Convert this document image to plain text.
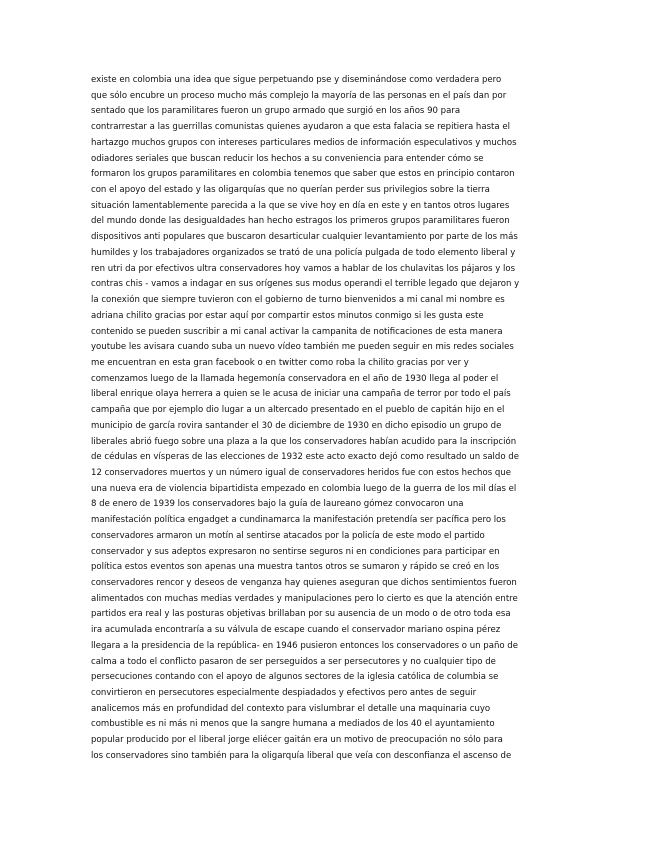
existe en colombia una idea que sigue perpetuando pse y diseminándose como verdadera pero
que sólo encubre un proceso mucho más complejo la mayoría de las personas en el país dan por
sentado que los paramilitares fueron un grupo armado que surgió en los años 90 para
contrarrestar a las guerrillas comunistas quienes ayudaron a que esta falacia se repitiera hasta el
hartazgo muchos grupos con intereses particulares medios de información especulativos y muchos
odiadores seriales que buscan reducir los hechos a su conveniencia para entender cómo se
formaron los grupos paramilitares en colombia tenemos que saber que estos en principio contaron
con el apoyo del estado y las oligarquías que no querían perder sus privilegios sobre la tierra
situación lamentablemente parecida a la que se vive hoy en día en este y en tantos otros lugares
del mundo donde las desigualdades han hecho estragos los primeros grupos paramilitares fueron
dispositivos anti populares que buscaron desarticular cualquier levantamiento por parte de los más
humildes y los trabajadores organizados se trató de una policía pulgada de todo elemento liberal y
ren utri da por efectivos ultra conservadores hoy vamos a hablar de los chulavitas los pájaros y los
contras chis - vamos a indagar en sus orígenes sus modus operandi el terrible legado que dejaron y
la conexión que siempre tuvieron con el gobierno de turno bienvenidos a mi canal mi nombre es
adriana chilito gracias por estar aquí por compartir estos minutos conmigo si les gusta este
contenido se pueden suscribir a mi canal activar la campanita de notificaciones de esta manera
youtube les avisara cuando suba un nuevo vídeo también me pueden seguir en mis redes sociales
me encuentran en esta gran facebook o en twitter como roba la chilito gracias por ver y
comenzamos luego de la llamada hegemonía conservadora en el año de 1930 llega al poder el
liberal enrique olaya herrera a quien se le acusa de iniciar una campaña de terror por todo el país
campaña que por ejemplo dio lugar a un altercado presentado en el pueblo de capitán hijo en el
municipio de garcía rovira santander el 30 de diciembre de 1930 en dicho episodio un grupo de
liberales abrió fuego sobre una plaza a la que los conservadores habían acudido para la inscripción
de cédulas en vísperas de las elecciones de 1932 este acto exacto dejó como resultado un saldo de
12 conservadores muertos y un número igual de conservadores heridos fue con estos hechos que
una nueva era de violencia bipartidista empezado en colombia luego de la guerra de los mil días el
8 de enero de 1939 los conservadores bajo la guía de laureano gómez convocaron una
manifestación política engadget a cundinamarca la manifestación pretendía ser pacífica pero los
conservadores armaron un motín al sentirse atacados por la policía de este modo el partido
conservador y sus adeptos expresaron no sentirse seguros ni en condiciones para participar en
política estos eventos son apenas una muestra tantos otros se sumaron y rápido se creó en los
conservadores rencor y deseos de venganza hay quienes aseguran que dichos sentimientos fueron
alimentados con muchas medias verdades y manipulaciones pero lo cierto es que la atención entre
partidos era real y las posturas objetivas brillaban por su ausencia de un modo o de otro toda esa
ira acumulada encontraría a su válvula de escape cuando el conservador mariano ospina pérez
llegara a la presidencia de la república- en 1946 pusieron entonces los conservadores o un paño de
calma a todo el conflicto pasaron de ser perseguidos a ser persecutores y no cualquier tipo de
persecuciones contando con el apoyo de algunos sectores de la iglesia católica de columbia se
convirtieron en persecutores especialmente despiadados y efectivos pero antes de seguir
analicemos más en profundidad del contexto para vislumbrar el detalle una maquinaria cuyo
combustible es ni más ni menos que la sangre humana a mediados de los 40 el ayuntamiento
popular producido por el liberal jorge eliécer gaitán era un motivo de preocupación no sólo para
los conservadores sino también para la oligarquía liberal que veía con desconfianza el ascenso de
